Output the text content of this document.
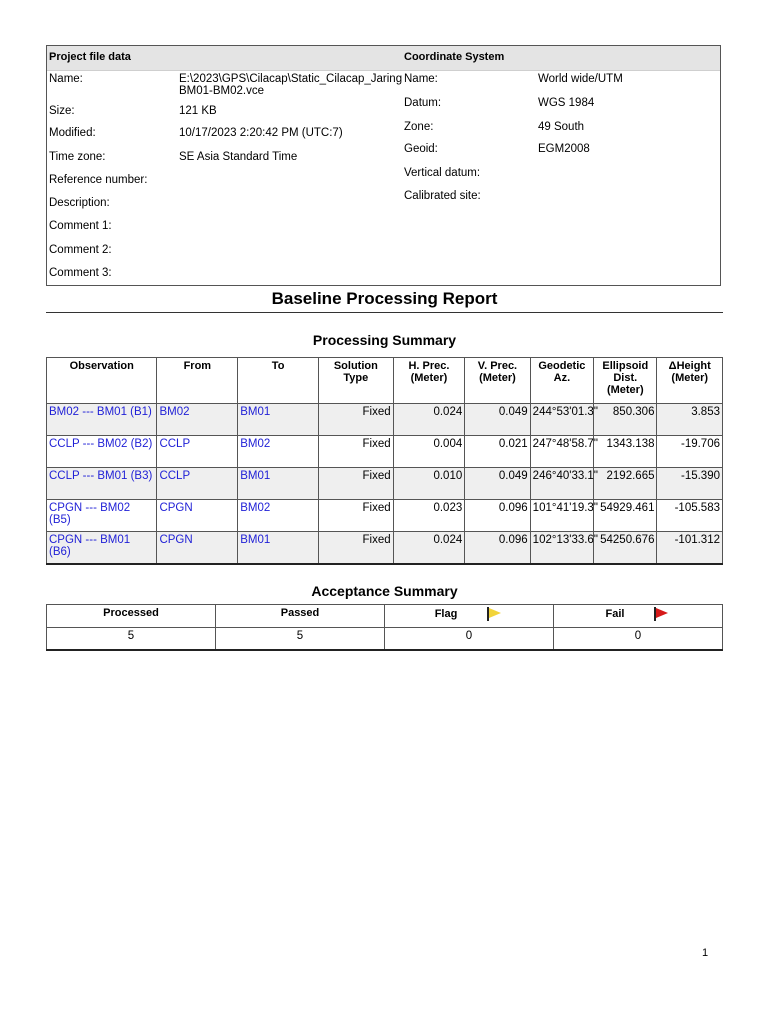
Project file data	Coordinate System
Name:	E:\2023\GPS\Cilacap\Static_Cilacap_Jaring
BM01-BM02.vce
Size:	121 KB
Modified:	10/17/2023 2:20:42 PM (UTC:7)
Time zone:	SE Asia Standard Time
Reference number:
Description:
Comment 1:
Comment 2:
Comment 3:
Name:	World wide/UTM
Datum:	WGS 1984
Zone:	49 South
Geoid:	EGM2008
Vertical datum:
Calibrated site:
Baseline Processing Report
Processing Summary
Observation	From	To	Solution Type	H. Prec. (Meter)	V. Prec. (Meter)	Geodetic Az.	Ellipsoid Dist. (Meter)	ΔHeight (Meter)
BM02 --- BM01 (B1)	BM02	BM01	Fixed	0.024	0.049	244°53'01.3"	850.306	3.853
CCLP --- BM02 (B2)	CCLP	BM02	Fixed	0.004	0.021	247°48'58.7"	1343.138	-19.706
CCLP --- BM01 (B3)	CCLP	BM01	Fixed	0.010	0.049	246°40'33.1"	2192.665	-15.390
CPGN --- BM02 (B5)	CPGN	BM02	Fixed	0.023	0.096	101°41'19.3"	54929.461	-105.583
CPGN --- BM01 (B6)	CPGN	BM01	Fixed	0.024	0.096	102°13'33.6"	54250.676	-101.312
Acceptance Summary
Processed	Passed	Flag	Fail
5	5	0	0
1
